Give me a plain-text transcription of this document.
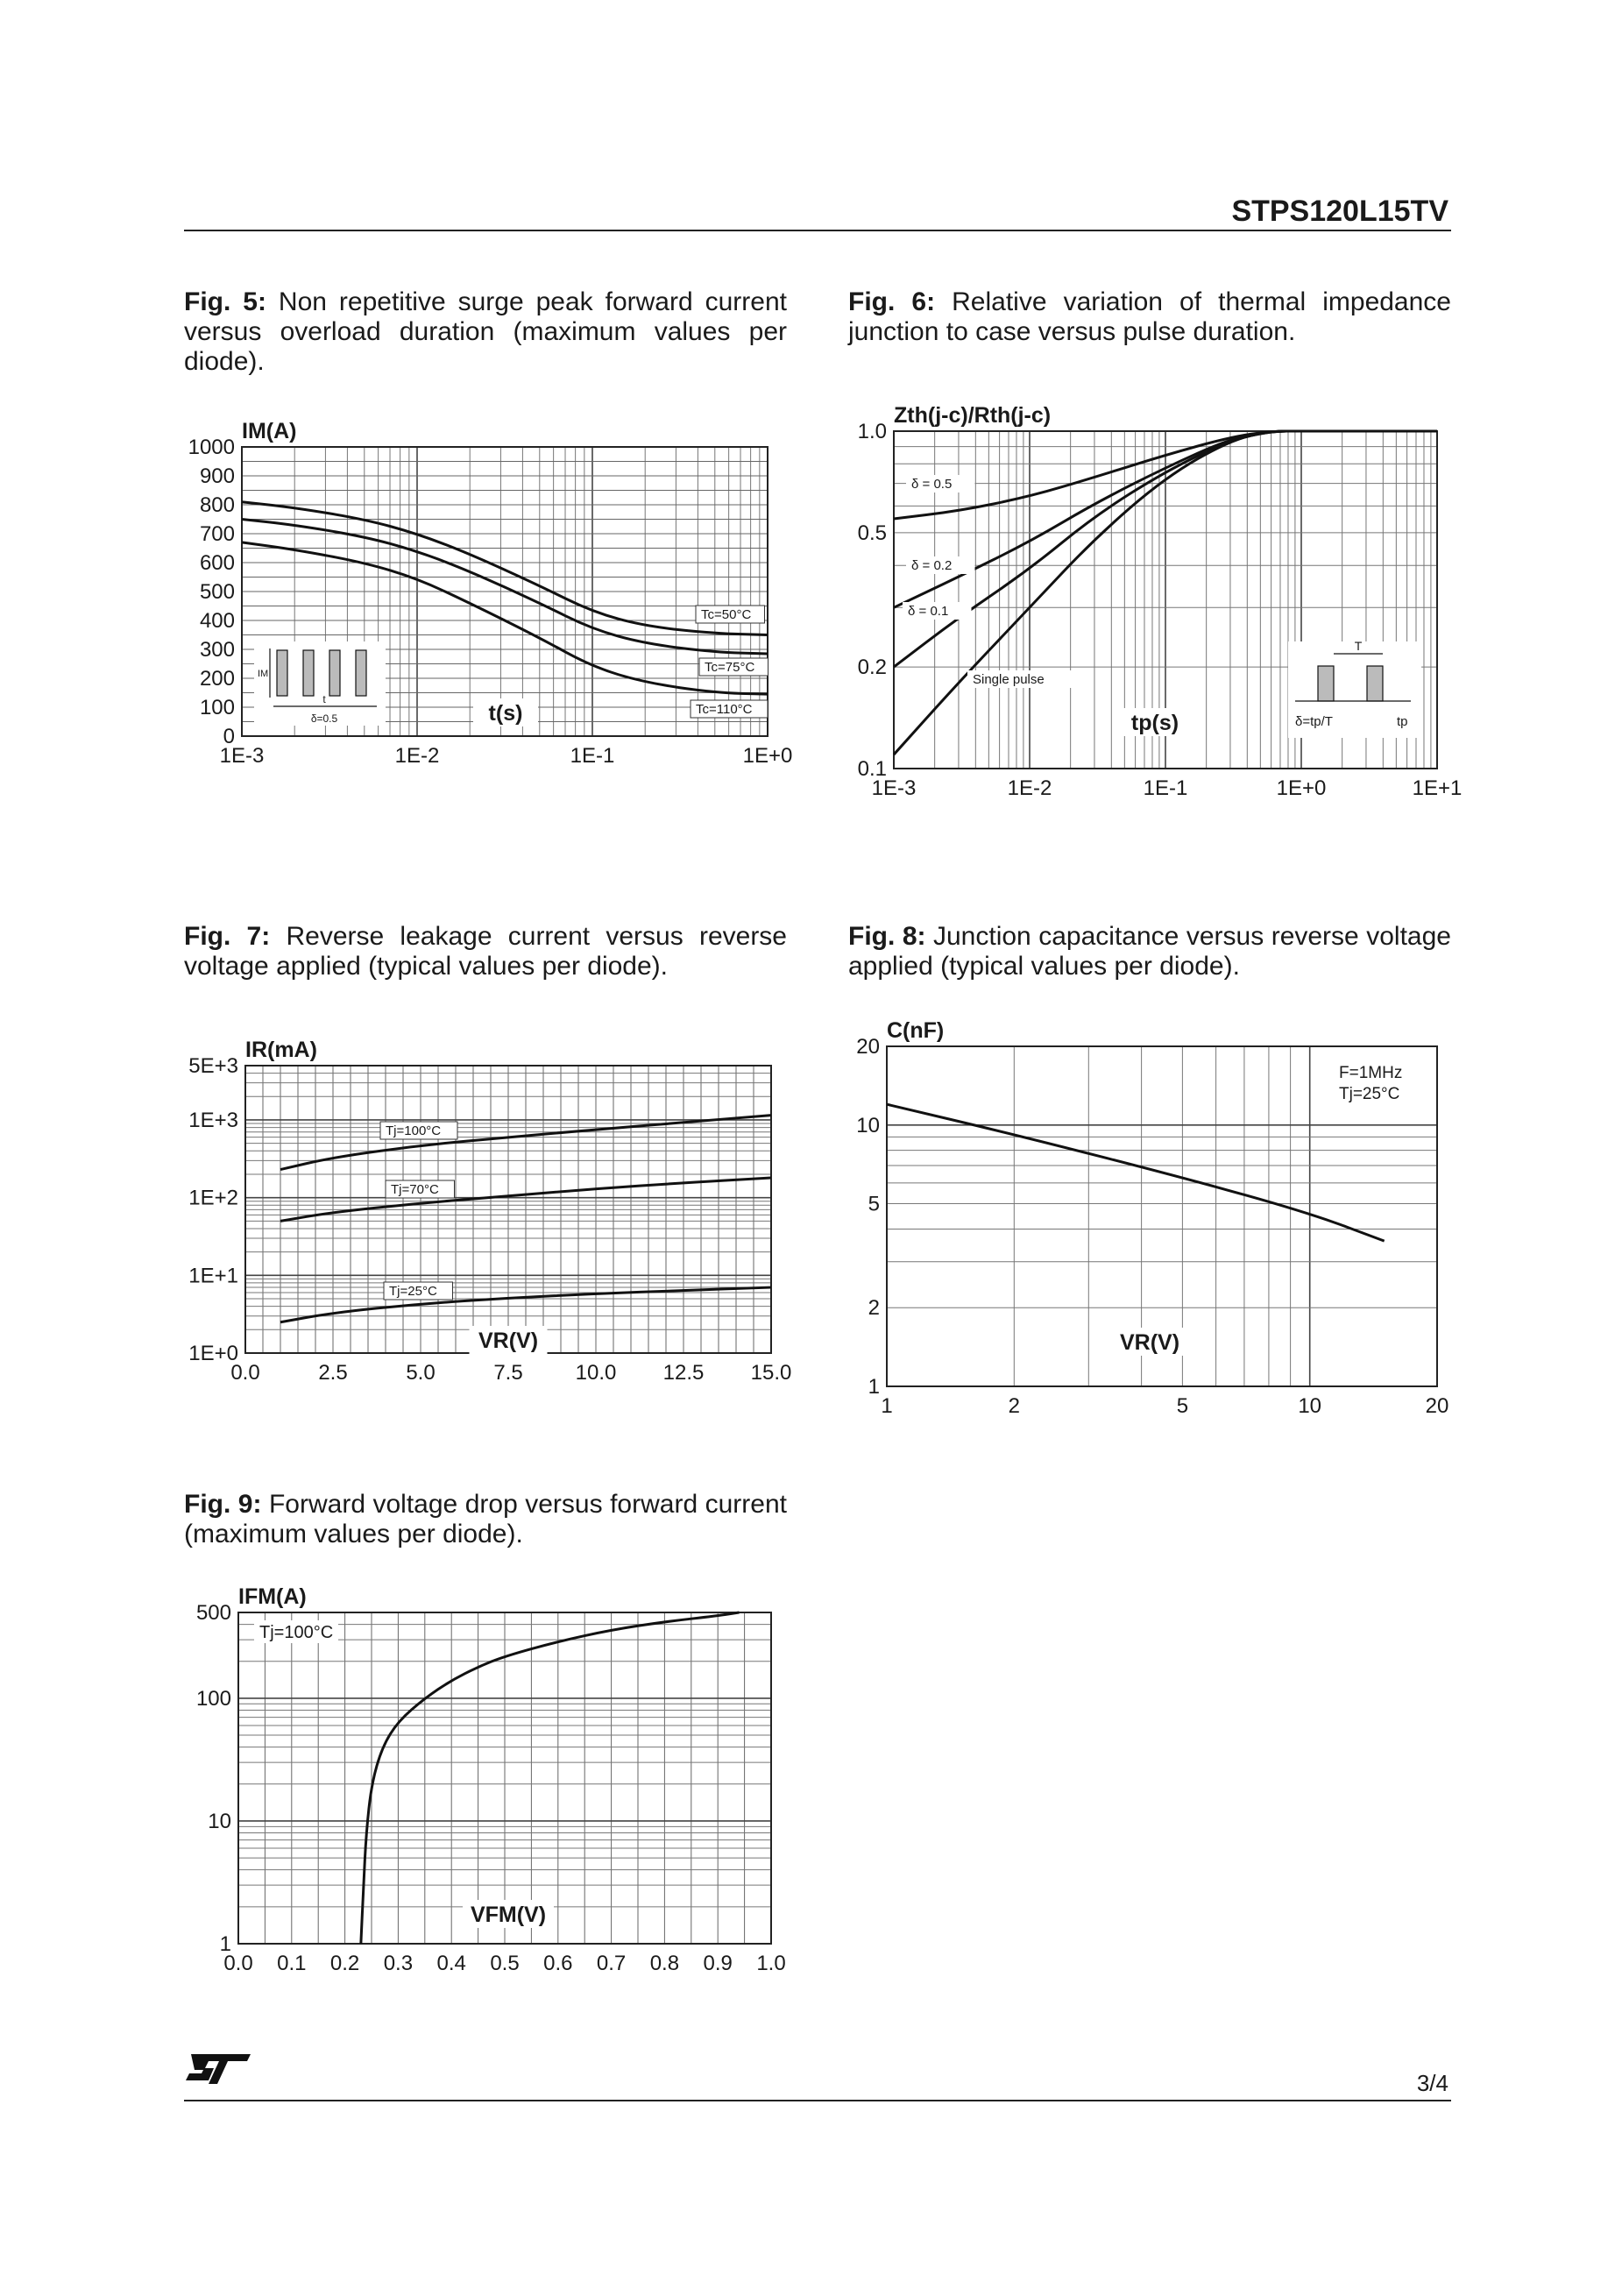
STPS120L15TV
Fig. 5: Non repetitive surge peak forward current versus overload duration (maximum values per diode).
Fig. 6: Relative variation of thermal impedance junction to case versus pulse duration.
Fig. 7: Reverse leakage current versus reverse voltage applied (typical values per diode).
Fig. 8: Junction capacitance versus reverse voltage applied (typical values per diode).
Fig. 9: Forward voltage drop versus forward current (maximum values per diode).
1E-3	1E-2	1E-1	1E+0
0
100
200
300
400
500
600
700
800
900
1000
IM(A)
t(s)
Tc=50°C
Tc=75°C
Tc=110°C
IM
t
δ=0.5
1E-3	1E-2	1E-1	1E+0	1E+1
0.1
0.2
0.5
1.0
Zth(j-c)/Rth(j-c)
tp(s)
δ = 0.5
δ = 0.2
δ = 0.1
Single pulse
T
δ=tp/T	tp
0.0	2.5	5.0	7.5 10.0 12.5 15.0
1E+0
1E+1
1E+2
1E+3
5E+3
IR(mA)
VR(V)
Tj=100°C
Tj=70°C
Tj=25°C
1	2	5	10	20
1
2
5
10
20
C(nF)
VR(V)
F=1MHz
Tj=25°C
0.0 0.1 0.2 0.3 0.4 0.5 0.6 0.7 0.8 0.9 1.0
1
10
100
500
IFM(A)
VFM(V)
Tj=100°C
3/4
